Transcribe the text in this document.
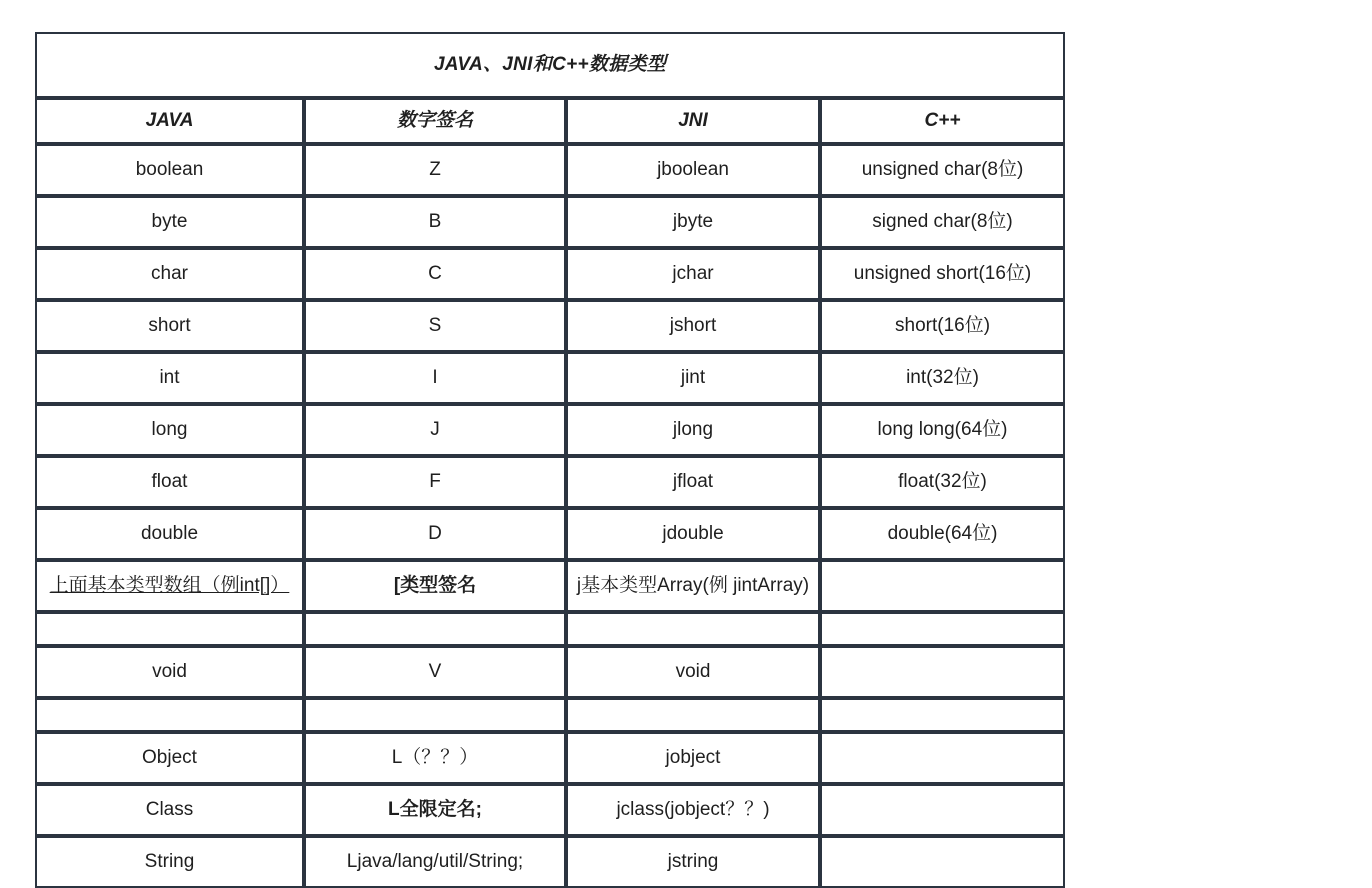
JAVA、JNI和C++数据类型			
JAVA	数字签名	JNI	C++
boolean	Z	jboolean	unsigned char(8位)
byte	B	jbyte	signed char(8位)
char	C	jchar	unsigned short(16位)
short	S	jshort	short(16位)
int	I	jint	int(32位)
long	J	jlong	long long(64位)
float	F	jfloat	float(32位)
double	D	jdouble	double(64位)
上面基本类型数组（例int[]）	[类型签名	j基本类型Array(例 jintArray)	

void	V	void	

Object	L（？？）	jobject	
Class	L全限定名;	jclass(jobject？？)	
String	Ljava/lang/util/String;	jstring	
